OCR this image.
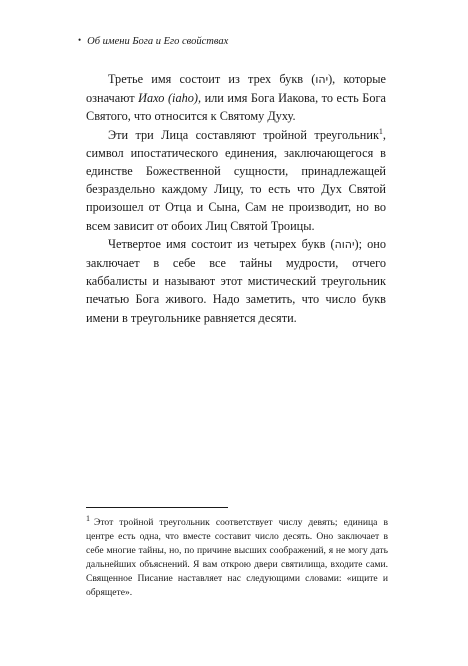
• Об имени Бога и Его свойствах

Третье имя состоит из трех букв (יהו), которые означают Иахо (iaho), или имя Бога Иакова, то есть Бога Святого, что относится к Святому Духу.

Эти три Лица составляют тройной треугольник$^1$, символ ипостатического единения, заключающегося в единстве Божественной сущности, принадлежащей безраздельно каждому Лицу, то есть что Дух Святой произошел от Отца и Сына, Сам не производит, но во всем зависит от обоих Лиц Святой Троицы.

Четвертое имя состоит из четырех букв (יהוה); оно заключает в себе все тайны мудрости, отчего каббалисты и называют этот мистический треугольник печатью Бога живого. Надо заметить, что число букв имени в треугольнике равняется десяти.

$^1$ Этот тройной треугольник соответствует числу девять; единица в центре есть одна, что вместе составит число десять. Оно заключает в себе многие тайны, но, по причине высших соображений, я не могу дать дальнейших объяснений. Я вам открою двери святилища, входите сами. Священное Писание наставляет нас следующими словами: «ищите и обрящете».
